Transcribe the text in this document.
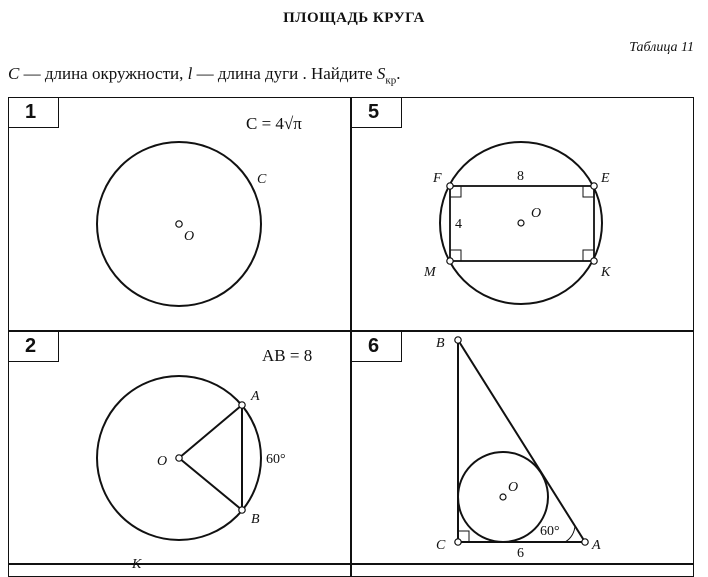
ПЛОЩАДЬ КРУГА
Таблица 11
C — длина окружности, l — длина дуги . Найдите $S_{кр}$.
1	5
2	6
C = 4√π
AB = 8
O
C	F	E
M	K
O
8
4
O
A
B
60°
B
C	A
O
60°
6
К
